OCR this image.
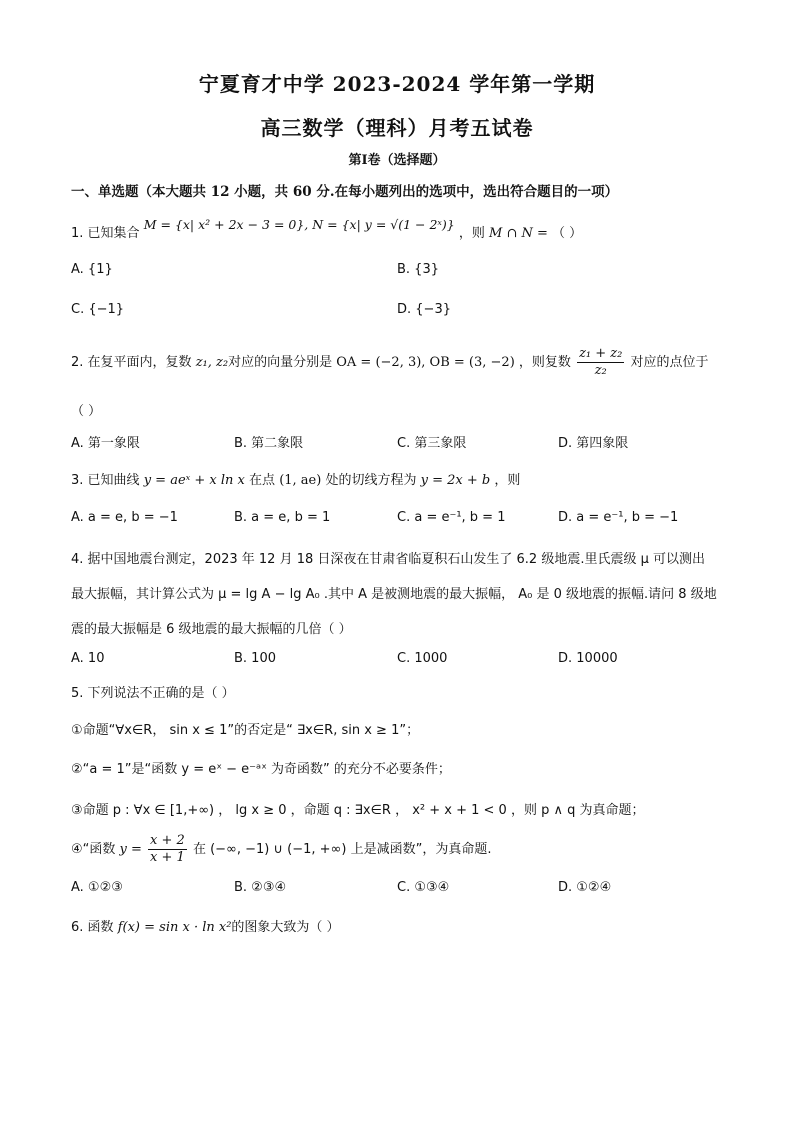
宁夏育才中学 2023-2024 学年第一学期
高三数学（理科）月考五试卷
第Ⅰ卷（选择题）
一、单选题（本大题共 12 小题，共 60 分.在每小题列出的选项中，选出符合题目的一项）
1. 已知集合 M = {x| x² + 2x − 3 = 0}, N = {x| y = √(1 − 2ˣ)} ，则 M ∩ N = （ ）
A. {1}	B. {3}
C. {−1}	D. {−3}
2. 在复平面内，复数 z₁, z₂对应的向量分别是 OA = (−2, 3), OB = (3, −2) ，则复数 $\frac{\text{z₁ + z₂}}{\text{z₂}}$ 对应的点位于
（ ）
A. 第一象限	B. 第二象限	C. 第三象限	D. 第四象限
3. 已知曲线 y = aeˣ + x ln x 在点 (1, ae) 处的切线方程为 y = 2x + b ，则
A. a = e, b = −1	B. a = e, b = 1	C. a = e⁻¹, b = 1	D. a = e⁻¹, b = −1
4. 据中国地震台测定，2023 年 12 月 18 日深夜在甘肃省临夏积石山发生了 6.2 级地震.里氏震级 μ 可以测出
最大振幅，其计算公式为 μ = lg A − lg A₀ .其中 A 是被测地震的最大振幅， A₀ 是 0 级地震的振幅.请问 8 级地
震的最大振幅是 6 级地震的最大振幅的几倍（ ）
A. 10	B. 100	C. 1000	D. 10000
5. 下列说法不正确的是（ ）
①命题“∀x∈R， sin x ≤ 1”的否定是“ ∃x∈R, sin x ≥ 1”；
②“a = 1”是“函数 y = eˣ − e⁻ᵃˣ 为奇函数” 的充分不必要条件；
③命题 p : ∀x ∈ [1,+∞) ， lg x ≥ 0 ，命题 q : ∃x∈R ， x² + x + 1 < 0 ，则 p ∧ q 为真命题；
④“函数 $y = \frac{x + 2}{x + 1}$ 在 (−∞, −1) ∪ (−1, +∞) 上是减函数”，为真命题.
A. ①②③	B. ②③④	C. ①③④	D. ①②④
6. 函数 f(x) = sin x · ln x²的图象大致为（ ）
